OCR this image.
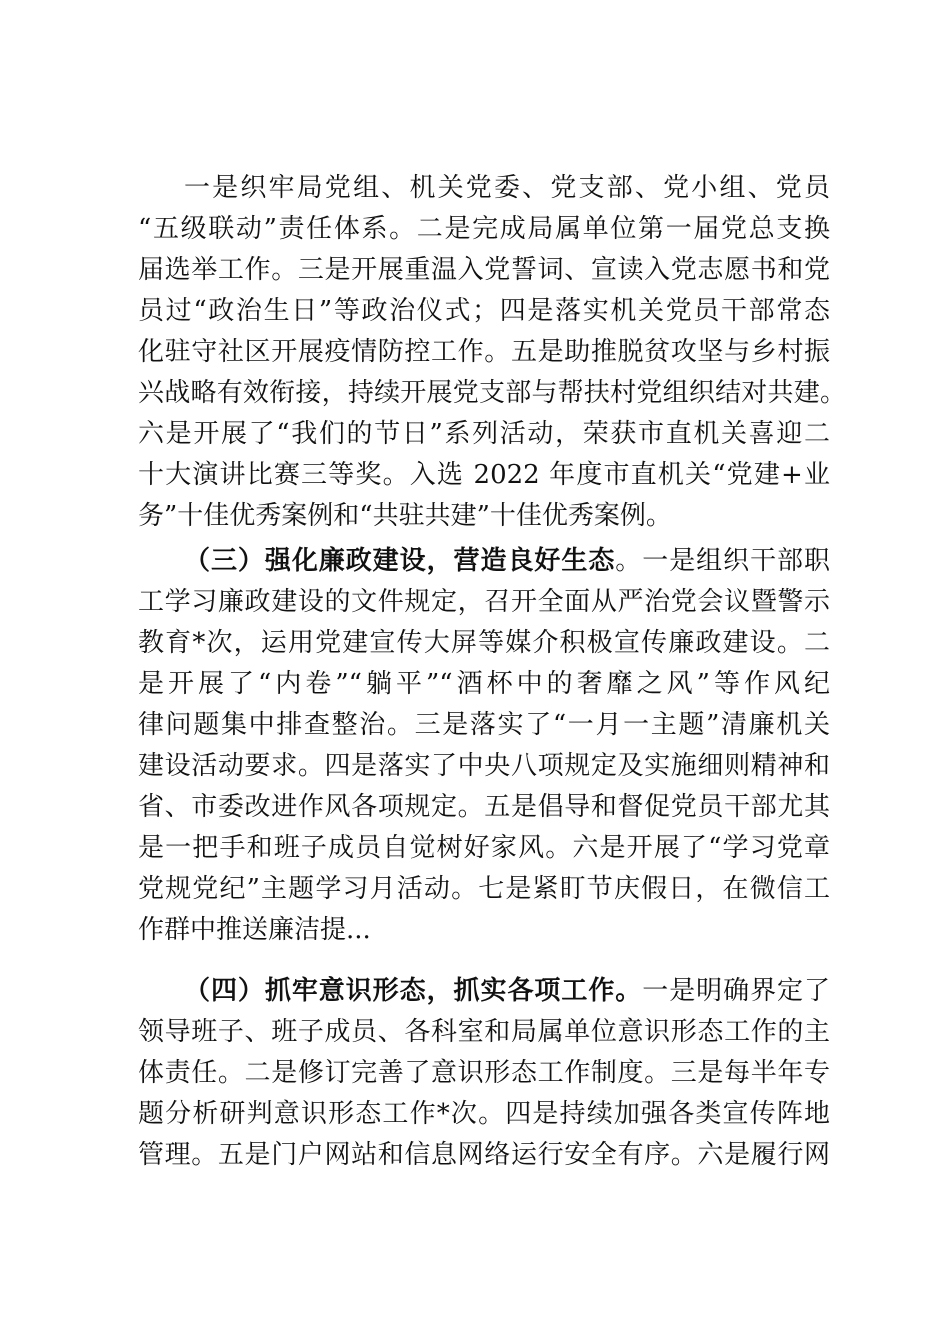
一是织牢局党组、机关党委、党支部、党小组、党员
“五级联动”责任体系。二是完成局属单位第一届党总支换
届选举工作。三是开展重温入党誓词、宣读入党志愿书和党
员过“政治生日”等政治仪式；四是落实机关党员干部常态
化驻守社区开展疫情防控工作。五是助推脱贫攻坚与乡村振
兴战略有效衔接，持续开展党支部与帮扶村党组织结对共建。
六是开展了“我们的节日”系列活动，荣获市直机关喜迎二
十大演讲比赛三等奖。入选 2022 年度市直机关“党建+业
务”十佳优秀案例和“共驻共建”十佳优秀案例。
（三）强化廉政建设，营造良好生态。一是组织干部职
工学习廉政建设的文件规定，召开全面从严治党会议暨警示
教育*次，运用党建宣传大屏等媒介积极宣传廉政建设。二
是开展了“内卷”“躺平”“酒杯中的奢靡之风”等作风纪
律问题集中排查整治。三是落实了“一月一主题”清廉机关
建设活动要求。四是落实了中央八项规定及实施细则精神和
省、市委改进作风各项规定。五是倡导和督促党员干部尤其
是一把手和班子成员自觉树好家风。六是开展了“学习党章
党规党纪”主题学习月活动。七是紧盯节庆假日，在微信工
作群中推送廉洁提...
（四）抓牢意识形态，抓实各项工作。一是明确界定了
领导班子、班子成员、各科室和局属单位意识形态工作的主
体责任。二是修订完善了意识形态工作制度。三是每半年专
题分析研判意识形态工作*次。四是持续加强各类宣传阵地
管理。五是门户网站和信息网络运行安全有序。六是履行网
